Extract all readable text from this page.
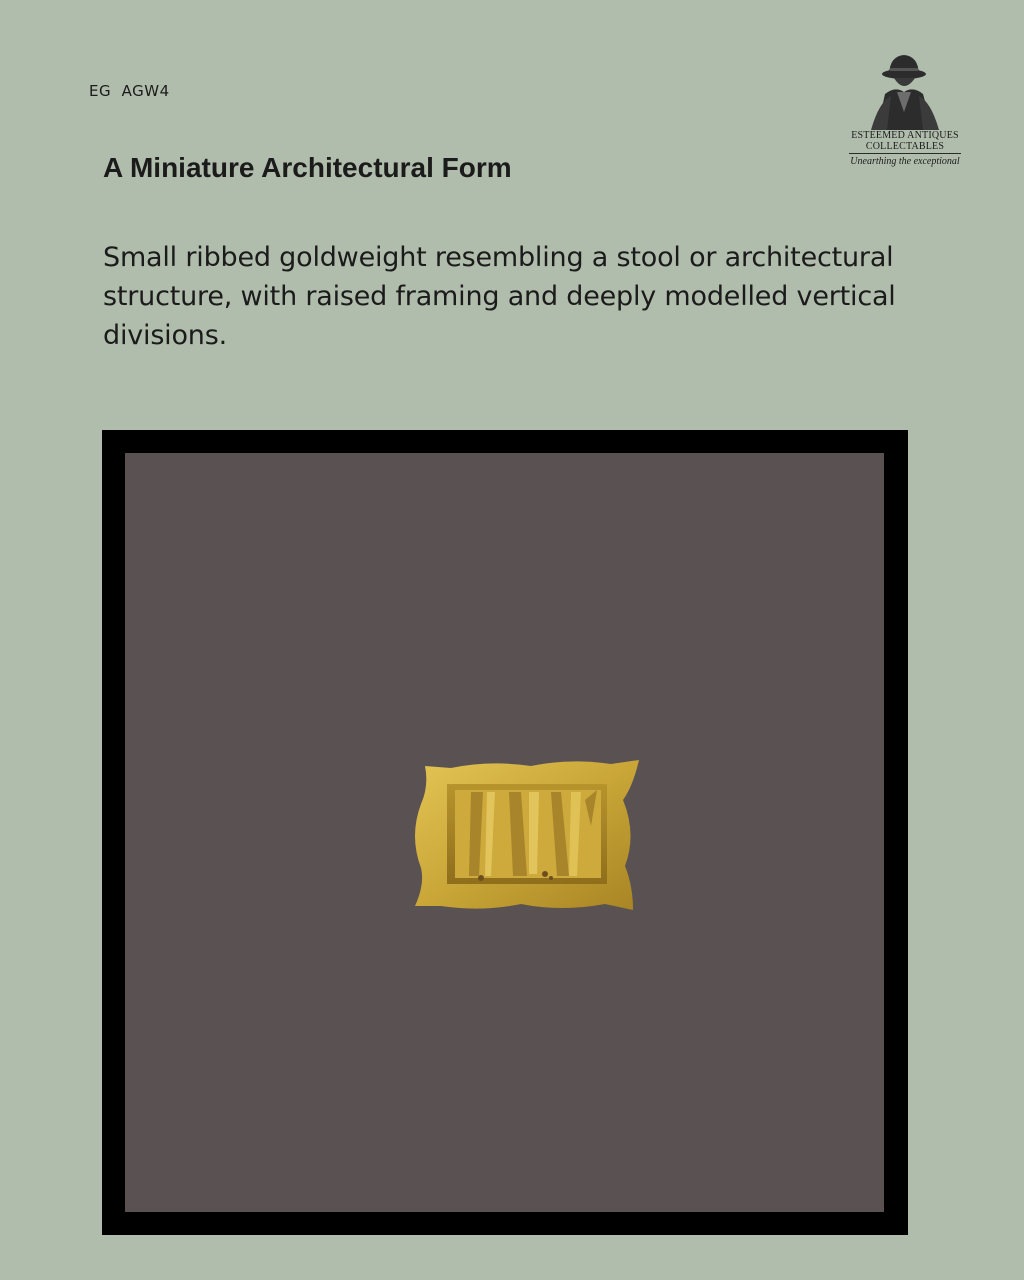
EG  AGW4
ESTEEMED ANTIQUES
COLLECTABLES
Unearthing the exceptional
A Miniature Architectural Form

Small ribbed goldweight resembling a stool or architectural structure, with raised framing and deeply modelled vertical divisions.
